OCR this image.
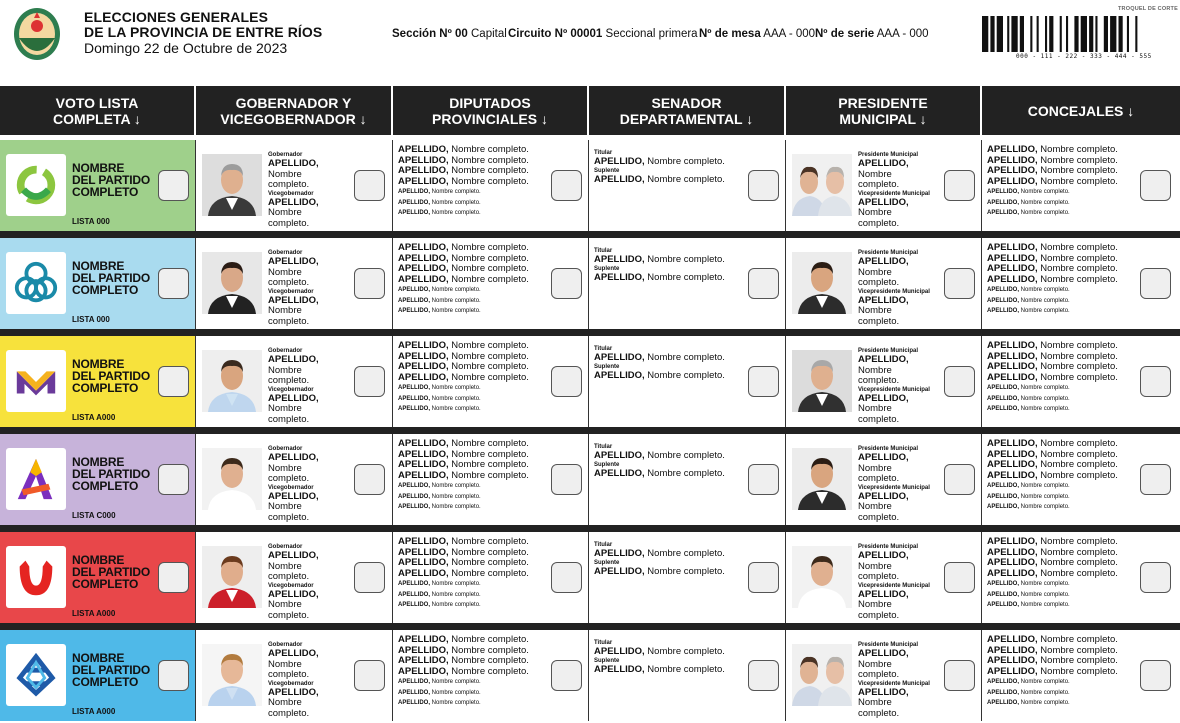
ELECCIONES GENERALES
DE LA PROVINCIA DE ENTRE RÍOS
Domingo 22 de Octubre de 2023
Sección Nº 00 Capital Circuito Nº 00001 Seccional primera Nº de mesa AAA - 000 Nº de serie AAA - 000
TROQUEL DE CORTE
000 - 111 - 222 - 333 - 444 - 555
VOTO LISTA
COMPLETA ↓
GOBERNADOR Y
VICEGOBERNADOR ↓
DIPUTADOS
PROVINCIALES ↓
SENADOR
DEPARTAMENTAL ↓
PRESIDENTE
MUNICIPAL ↓	CONCEJALES ↓
NOMBRE
DEL PARTIDO
COMPLETO
LISTA 000
Gobernador
APELLIDO, Nombre
completo.
Vicegobernador
APELLIDO, Nombre
completo.
APELLIDO, Nombre completo.
APELLIDO, Nombre completo.
APELLIDO, Nombre completo.
APELLIDO, Nombre completo.
APELLIDO, Nombre completo.
APELLIDO, Nombre completo.
APELLIDO, Nombre completo.
Titular
APELLIDO, Nombre completo.
Suplente
APELLIDO, Nombre completo.
Presidente Municipal
APELLIDO, Nombre
completo.
Vicepresidente Municipal
APELLIDO, Nombre
completo.
APELLIDO, Nombre completo.
APELLIDO, Nombre completo.
APELLIDO, Nombre completo.
APELLIDO, Nombre completo.
APELLIDO, Nombre completo.
APELLIDO, Nombre completo.
APELLIDO, Nombre completo.
NOMBRE
DEL PARTIDO
COMPLETO
LISTA 000
Gobernador
APELLIDO, Nombre
completo.
Vicegobernador
APELLIDO, Nombre
completo.
APELLIDO, Nombre completo.
APELLIDO, Nombre completo.
APELLIDO, Nombre completo.
APELLIDO, Nombre completo.
APELLIDO, Nombre completo.
APELLIDO, Nombre completo.
APELLIDO, Nombre completo.
Titular
APELLIDO, Nombre completo.
Suplente
APELLIDO, Nombre completo.
Presidente Municipal
APELLIDO, Nombre
completo.
Vicepresidente Municipal
APELLIDO, Nombre
completo.
APELLIDO, Nombre completo.
APELLIDO, Nombre completo.
APELLIDO, Nombre completo.
APELLIDO, Nombre completo.
APELLIDO, Nombre completo.
APELLIDO, Nombre completo.
APELLIDO, Nombre completo.
NOMBRE
DEL PARTIDO
COMPLETO
LISTA A000
Gobernador
APELLIDO, Nombre
completo.
Vicegobernador
APELLIDO, Nombre
completo.
APELLIDO, Nombre completo.
APELLIDO, Nombre completo.
APELLIDO, Nombre completo.
APELLIDO, Nombre completo.
APELLIDO, Nombre completo.
APELLIDO, Nombre completo.
APELLIDO, Nombre completo.
Titular
APELLIDO, Nombre completo.
Suplente
APELLIDO, Nombre completo.
Presidente Municipal
APELLIDO, Nombre
completo.
Vicepresidente Municipal
APELLIDO, Nombre
completo.
APELLIDO, Nombre completo.
APELLIDO, Nombre completo.
APELLIDO, Nombre completo.
APELLIDO, Nombre completo.
APELLIDO, Nombre completo.
APELLIDO, Nombre completo.
APELLIDO, Nombre completo.
NOMBRE
DEL PARTIDO
COMPLETO
LISTA C000
Gobernador
APELLIDO, Nombre
completo.
Vicegobernador
APELLIDO, Nombre
completo.
APELLIDO, Nombre completo.
APELLIDO, Nombre completo.
APELLIDO, Nombre completo.
APELLIDO, Nombre completo.
APELLIDO, Nombre completo.
APELLIDO, Nombre completo.
APELLIDO, Nombre completo.
Titular
APELLIDO, Nombre completo.
Suplente
APELLIDO, Nombre completo.
Presidente Municipal
APELLIDO, Nombre
completo.
Vicepresidente Municipal
APELLIDO, Nombre
completo.
APELLIDO, Nombre completo.
APELLIDO, Nombre completo.
APELLIDO, Nombre completo.
APELLIDO, Nombre completo.
APELLIDO, Nombre completo.
APELLIDO, Nombre completo.
APELLIDO, Nombre completo.
NOMBRE
DEL PARTIDO
COMPLETO
LISTA A000
Gobernador
APELLIDO, Nombre
completo.
Vicegobernador
APELLIDO, Nombre
completo.
APELLIDO, Nombre completo.
APELLIDO, Nombre completo.
APELLIDO, Nombre completo.
APELLIDO, Nombre completo.
APELLIDO, Nombre completo.
APELLIDO, Nombre completo.
APELLIDO, Nombre completo.
Titular
APELLIDO, Nombre completo.
Suplente
APELLIDO, Nombre completo.
Presidente Municipal
APELLIDO, Nombre
completo.
Vicepresidente Municipal
APELLIDO, Nombre
completo.
APELLIDO, Nombre completo.
APELLIDO, Nombre completo.
APELLIDO, Nombre completo.
APELLIDO, Nombre completo.
APELLIDO, Nombre completo.
APELLIDO, Nombre completo.
APELLIDO, Nombre completo.
NOMBRE
DEL PARTIDO
COMPLETO
LISTA A000
Gobernador
APELLIDO, Nombre
completo.
Vicegobernador
APELLIDO, Nombre
completo.
APELLIDO, Nombre completo.
APELLIDO, Nombre completo.
APELLIDO, Nombre completo.
APELLIDO, Nombre completo.
APELLIDO, Nombre completo.
APELLIDO, Nombre completo.
APELLIDO, Nombre completo.
Titular
APELLIDO, Nombre completo.
Suplente
APELLIDO, Nombre completo.
Presidente Municipal
APELLIDO, Nombre
completo.
Vicepresidente Municipal
APELLIDO, Nombre
completo.
APELLIDO, Nombre completo.
APELLIDO, Nombre completo.
APELLIDO, Nombre completo.
APELLIDO, Nombre completo.
APELLIDO, Nombre completo.
APELLIDO, Nombre completo.
APELLIDO, Nombre completo.
